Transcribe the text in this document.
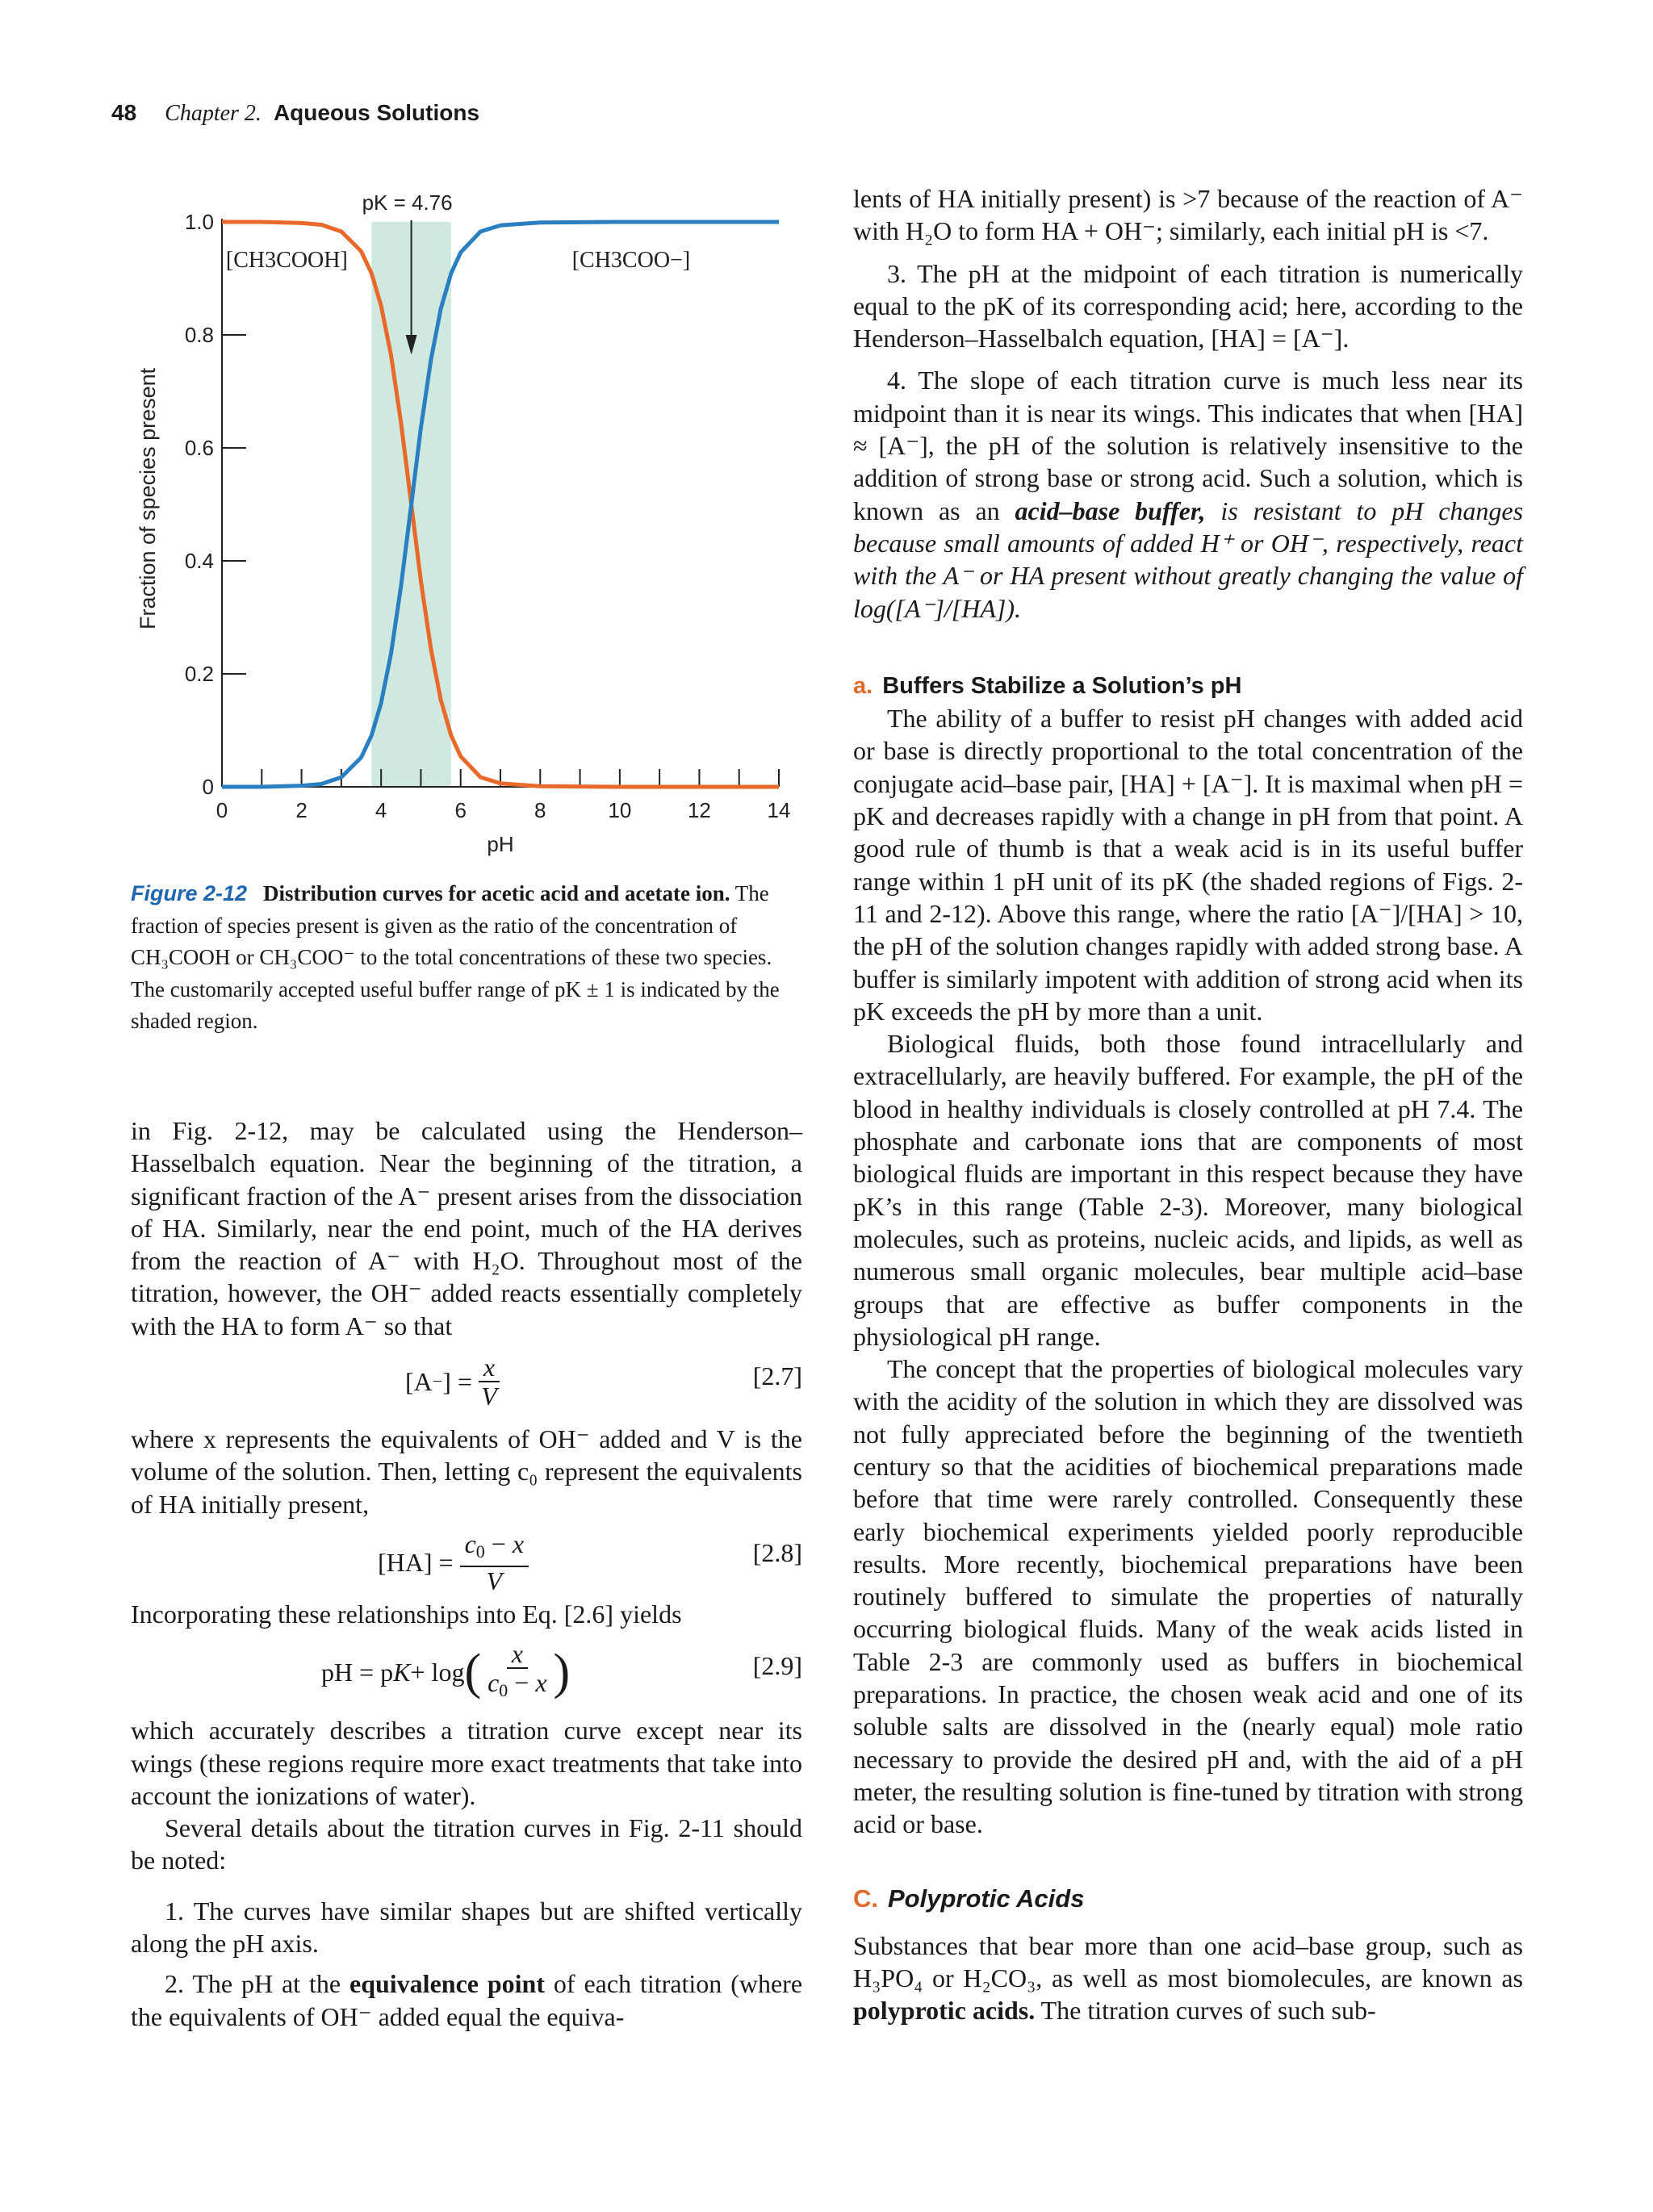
48 Chapter 2. Aqueous Solutions
0
0.2
0.4
0.6
0.8
1.0
0	2	4	6	8	10	12	14
pH
pK = 4.76
[CH3COOH]	[CH3COO−]
Fraction of species present
Figure 2-12 Distribution curves for acetic acid and acetate ion. The fraction of species present is given as the ratio of the concentration of CH₃COOH or CH₃COO⁻ to the total concentrations of these two species. The customarily accepted useful buffer range of pK ± 1 is indicated by the shaded region.

in Fig. 2-12, may be calculated using the Henderson–Hasselbalch equation. Near the beginning of the titration, a significant fraction of the A⁻ present arises from the dissociation of HA. Similarly, near the end point, much of the HA derives from the reaction of A⁻ with H₂O. Throughout most of the titration, however, the OH⁻ added reacts essentially completely with the HA to form A⁻ so that

[A − ] = $\frac{x}{V}$	[2.7]

where x represents the equivalents of OH⁻ added and V is the volume of the solution. Then, letting c₀ represent the equivalents of HA initially present,

$[HA] = \frac{c_0 - x}{V}$	[2.8]

Incorporating these relationships into Eq. [2.6] yields

pH = p K + log ( $\frac{x}{c_0 - x}$ )	[2.9]

which accurately describes a titration curve except near its wings (these regions require more exact treatments that take into account the ionizations of water).

Several details about the titration curves in Fig. 2-11 should be noted:

1. The curves have similar shapes but are shifted vertically along the pH axis.

2. The pH at the equivalence point of each titration (where the equivalents of OH⁻ added equal the equiva-

lents of HA initially present) is >7 because of the reaction of A⁻ with H₂O to form HA + OH⁻; similarly, each initial pH is <7.

3. The pH at the midpoint of each titration is numerically equal to the pK of its corresponding acid; here, according to the Henderson–Hasselbalch equation, [HA] = [A⁻].

4. The slope of each titration curve is much less near its midpoint than it is near its wings. This indicates that when [HA] ≈ [A⁻], the pH of the solution is relatively insensitive to the addition of strong base or strong acid. Such a solution, which is known as an acid–base buffer, is resistant to pH changes because small amounts of added H⁺ or OH⁻, respectively, react with the A⁻ or HA present without greatly changing the value of log([A⁻]/[HA]).

a. Buffers Stabilize a Solution’s pH

The ability of a buffer to resist pH changes with added acid or base is directly proportional to the total concentration of the conjugate acid–base pair, [HA] + [A⁻]. It is maximal when pH = pK and decreases rapidly with a change in pH from that point. A good rule of thumb is that a weak acid is in its useful buffer range within 1 pH unit of its pK (the shaded regions of Figs. 2-11 and 2-12). Above this range, where the ratio [A⁻]/[HA] > 10, the pH of the solution changes rapidly with added strong base. A buffer is similarly impotent with addition of strong acid when its pK exceeds the pH by more than a unit.

Biological fluids, both those found intracellularly and extracellularly, are heavily buffered. For example, the pH of the blood in healthy individuals is closely controlled at pH 7.4. The phosphate and carbonate ions that are components of most biological fluids are important in this respect because they have pK’s in this range (Table 2-3). Moreover, many biological molecules, such as proteins, nucleic acids, and lipids, as well as numerous small organic molecules, bear multiple acid–base groups that are effective as buffer components in the physiological pH range.

The concept that the properties of biological molecules vary with the acidity of the solution in which they are dissolved was not fully appreciated before the beginning of the twentieth century so that the acidities of biochemical preparations made before that time were rarely controlled. Consequently these early biochemical experiments yielded poorly reproducible results. More recently, biochemical preparations have been routinely buffered to simulate the properties of naturally occurring biological fluids. Many of the weak acids listed in Table 2-3 are commonly used as buffers in biochemical preparations. In practice, the chosen weak acid and one of its soluble salts are dissolved in the (nearly equal) mole ratio necessary to provide the desired pH and, with the aid of a pH meter, the resulting solution is fine-tuned by titration with strong acid or base.

C. Polyprotic Acids

Substances that bear more than one acid–base group, such as H₃PO₄ or H₂CO₃, as well as most biomolecules, are known as polyprotic acids. The titration curves of such sub-
